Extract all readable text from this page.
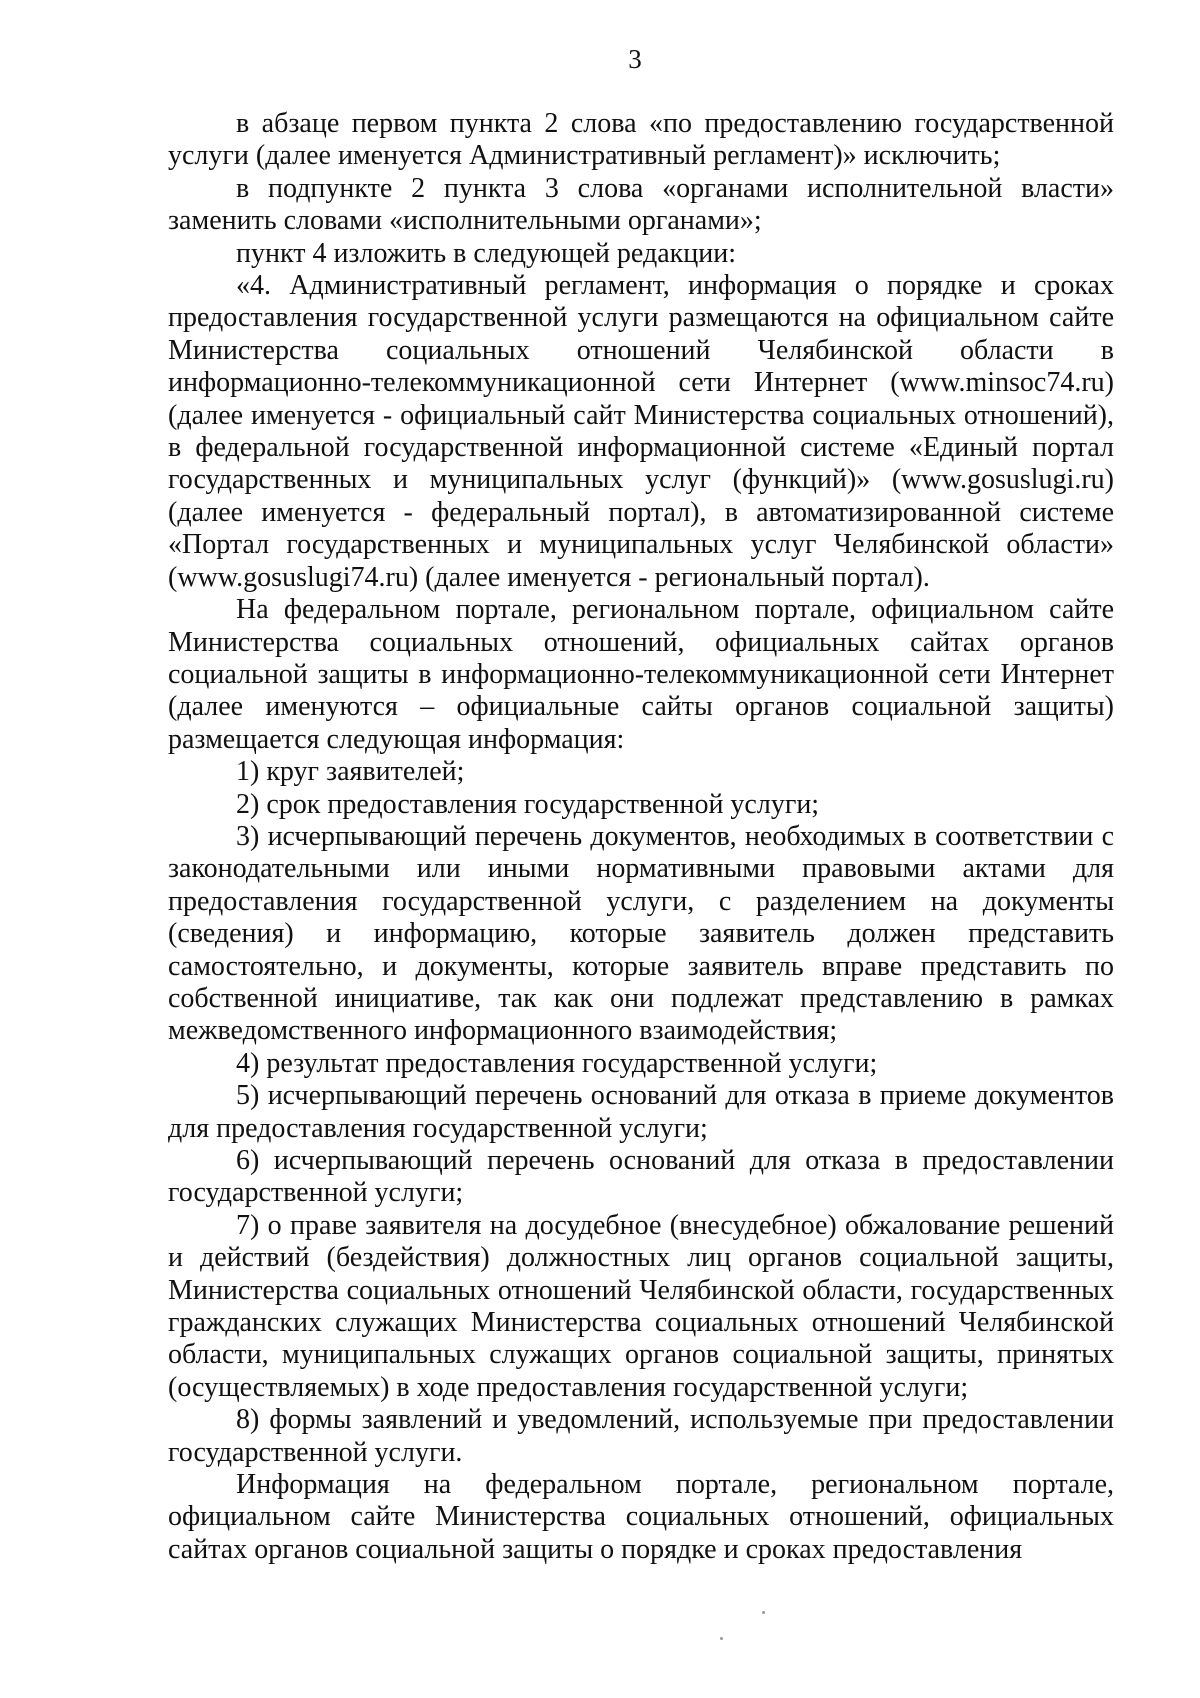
3

в абзаце первом пункта 2 слова «по предоставлению государственной услуги (далее именуется Административный регламент)» исключить;

в подпункте 2 пункта 3 слова «органами исполнительной власти» заменить словами «исполнительными органами»;

пункт 4 изложить в следующей редакции:

«4. Административный регламент, информация о порядке и сроках предоставления государственной услуги размещаются на официальном сайте Министерства социальных отношений Челябинской области в информационно-телекоммуникационной сети Интернет (www.minsoc74.ru) (далее именуется - официальный сайт Министерства социальных отношений), в федеральной государственной информационной системе «Единый портал государственных и муниципальных услуг (функций)» (www.gosuslugi.ru) (далее именуется - федеральный портал), в автоматизированной системе «Портал государственных и муниципальных услуг Челябинской области» (www.gosuslugi74.ru) (далее именуется - региональный портал).

На федеральном портале, региональном портале, официальном сайте Министерства социальных отношений, официальных сайтах органов социальной защиты в информационно-телекоммуникационной сети Интернет (далее именуются – официальные сайты органов социальной защиты) размещается следующая информация:

1) круг заявителей;

2) срок предоставления государственной услуги;

3) исчерпывающий перечень документов, необходимых в соответствии с законодательными или иными нормативными правовыми актами для предоставления государственной услуги, с разделением на документы (сведения) и информацию, которые заявитель должен представить самостоятельно, и документы, которые заявитель вправе представить по собственной инициативе, так как они подлежат представлению в рамках межведомственного информационного взаимодействия;

4) результат предоставления государственной услуги;

5) исчерпывающий перечень оснований для отказа в приеме документов для предоставления государственной услуги;

6) исчерпывающий перечень оснований для отказа в предоставлении государственной услуги;

7) о праве заявителя на досудебное (внесудебное) обжалование решений и действий (бездействия) должностных лиц органов социальной защиты, Министерства социальных отношений Челябинской области, государственных гражданских служащих Министерства социальных отношений Челябинской области, муниципальных служащих органов социальной защиты, принятых (осуществляемых) в ходе предоставления государственной услуги;

8) формы заявлений и уведомлений, используемые при предоставлении государственной услуги.

Информация на федеральном портале, региональном портале, официальном сайте Министерства социальных отношений, официальных сайтах органов социальной защиты о порядке и сроках предоставления
